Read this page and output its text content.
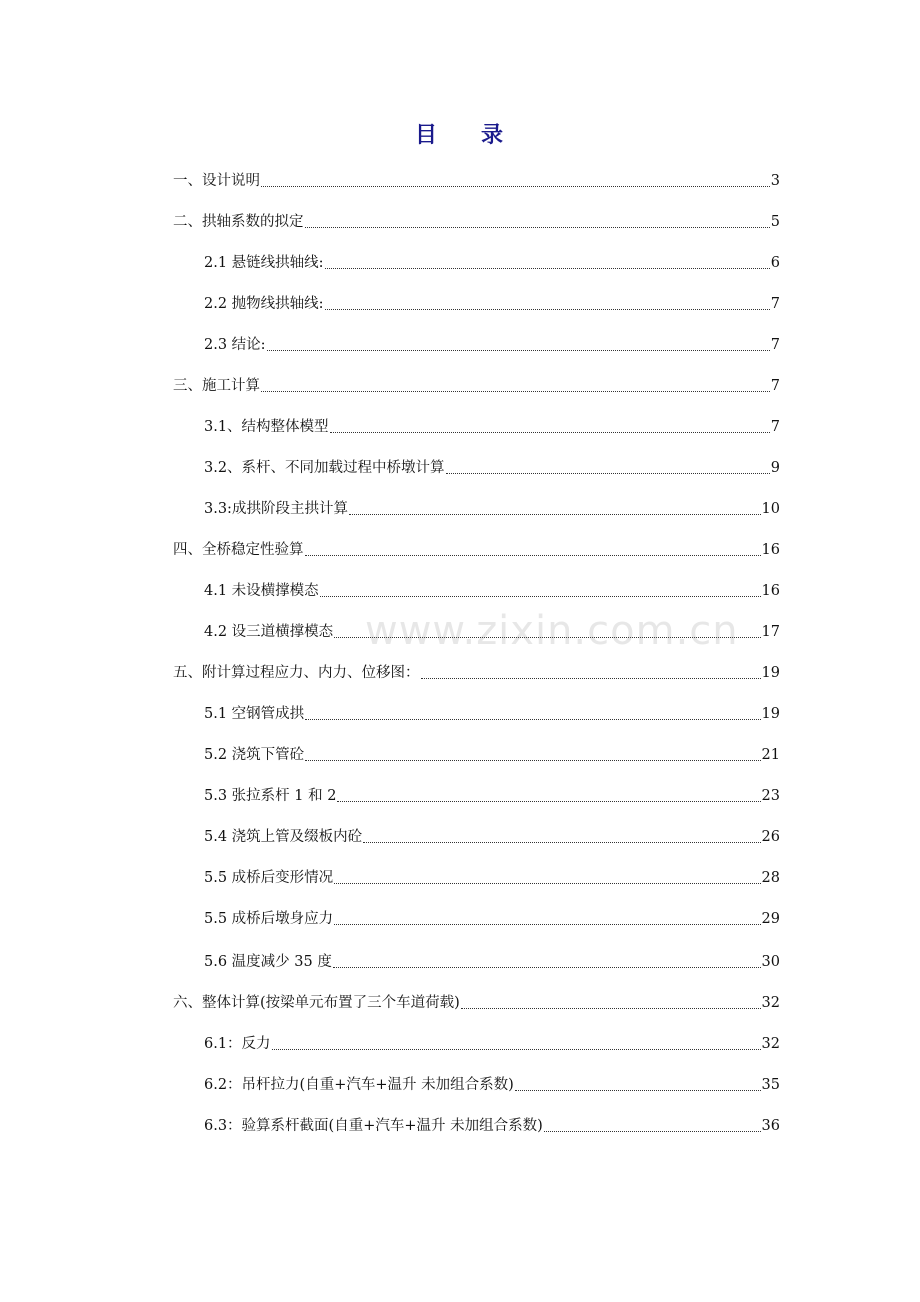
目 录
一、设计说明	3
二、拱轴系数的拟定	5
2.1 悬链线拱轴线:	6
2.2 抛物线拱轴线:	7
2.3 结论:	7
三、施工计算	7
3.1、结构整体模型	7
3.2、系杆、不同加载过程中桥墩计算	9
3.3:成拱阶段主拱计算	10
四、全桥稳定性验算	16
4.1 未设横撑模态	16
4.2 设三道横撑模态	17
五、附计算过程应力、内力、位移图：	19
5.1 空钢管成拱	19
5.2 浇筑下管砼	21
5.3 张拉系杆 1 和 2	23
5.4 浇筑上管及缀板内砼	26
5.5 成桥后变形情况	28
5.5 成桥后墩身应力	29
5.6 温度减少 35 度	30
六、整体计算(按梁单元布置了三个车道荷载)	32
6.1：反力	32
6.2：吊杆拉力(自重+汽车+温升 未加组合系数)	35
6.3：验算系杆截面(自重+汽车+温升 未加组合系数)	36
www.zixin.com.cn
